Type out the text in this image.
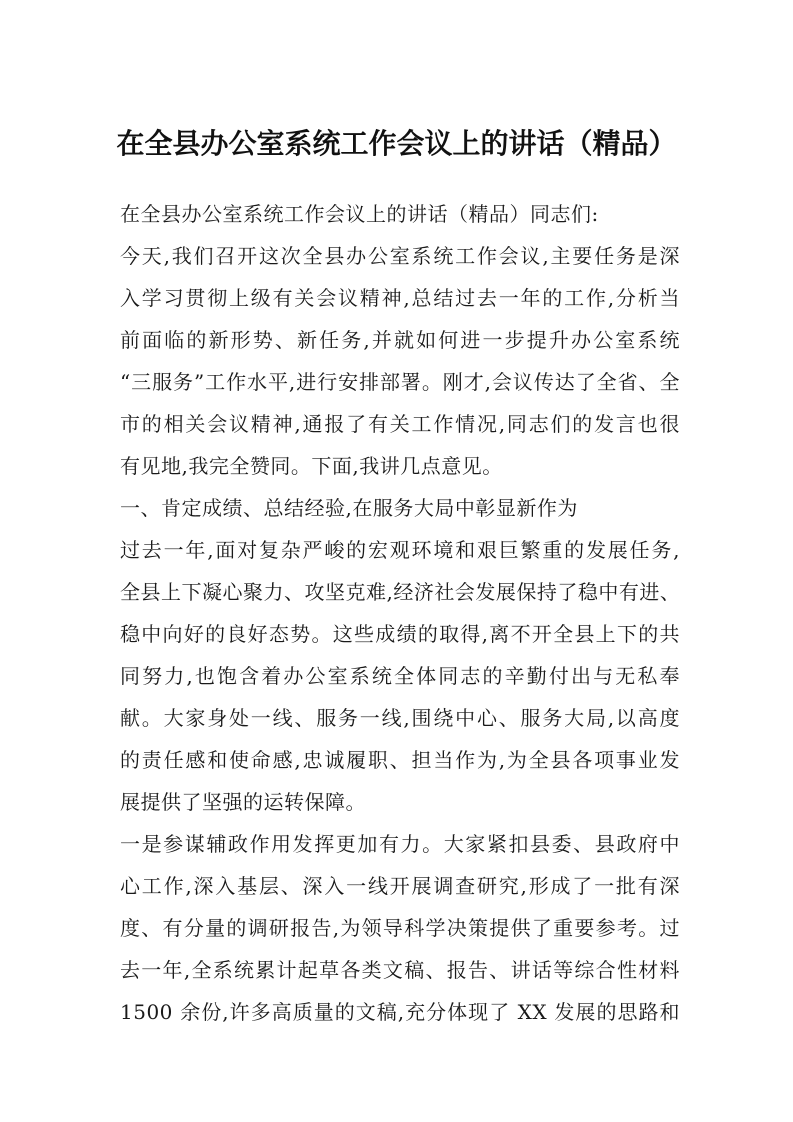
在全县办公室系统工作会议上的讲话（精品）
在全县办公室系统工作会议上的讲话（精品）同志们:
今天,我们召开这次全县办公室系统工作会议,主要任务是深
入学习贯彻上级有关会议精神,总结过去一年的工作,分析当
前面临的新形势、新任务,并就如何进一步提升办公室系统
“三服务”工作水平,进行安排部署。刚才,会议传达了全省、全
市的相关会议精神,通报了有关工作情况,同志们的发言也很
有见地,我完全赞同。下面,我讲几点意见。
一、肯定成绩、总结经验,在服务大局中彰显新作为
过去一年,面对复杂严峻的宏观环境和艰巨繁重的发展任务,
全县上下凝心聚力、攻坚克难,经济社会发展保持了稳中有进、
稳中向好的良好态势。这些成绩的取得,离不开全县上下的共
同努力,也饱含着办公室系统全体同志的辛勤付出与无私奉
献。大家身处一线、服务一线,围绕中心、服务大局,以高度
的责任感和使命感,忠诚履职、担当作为,为全县各项事业发
展提供了坚强的运转保障。
一是参谋辅政作用发挥更加有力。大家紧扣县委、县政府中
心工作,深入基层、深入一线开展调查研究,形成了一批有深
度、有分量的调研报告,为领导科学决策提供了重要参考。过
去一年,全系统累计起草各类文稿、报告、讲话等综合性材料
1500 余份,许多高质量的文稿,充分体现了 XX 发展的思路和
